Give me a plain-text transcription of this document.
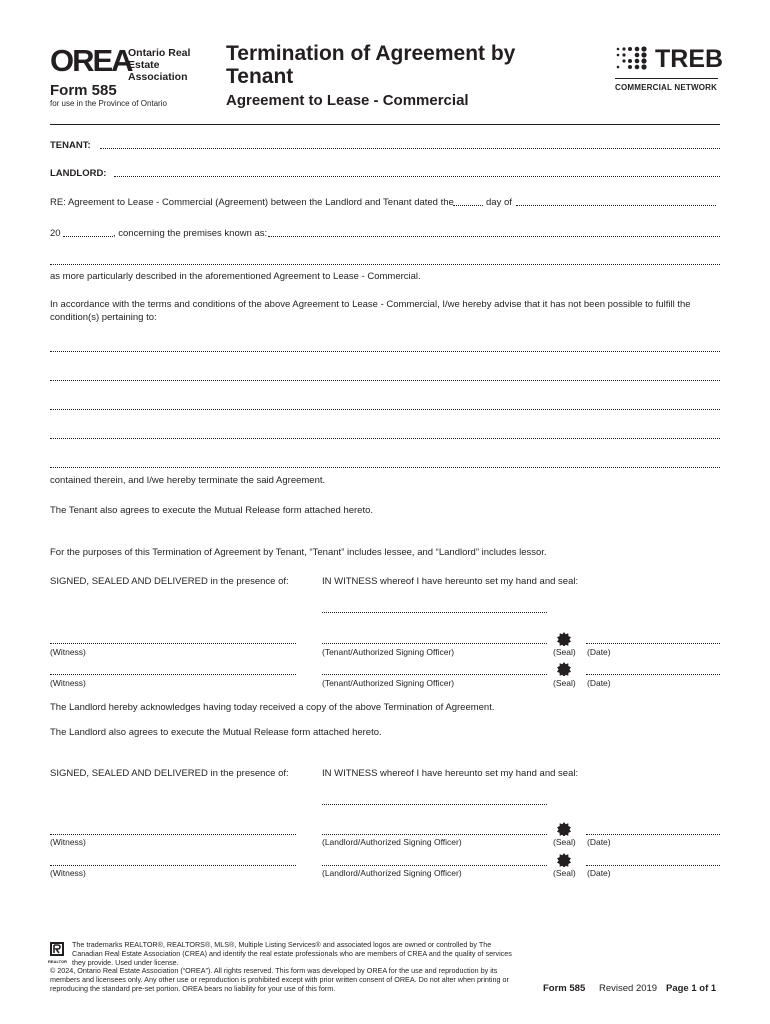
OREA
Ontario Real Estate Association
Form 585
for use in the Province of Ontario
Termination of Agreement by Tenant
Agreement to Lease - Commercial
TREB
COMMERCIAL NETWORK
TENANT:
LANDLORD:
RE: Agreement to Lease - Commercial (Agreement) between the Landlord and Tenant dated the	day of
20	, concerning the premises known as:
as more particularly described in the aforementioned Agreement to Lease - Commercial.
In accordance with the terms and conditions of the above Agreement to Lease - Commercial, I/we hereby advise that it has not been possible to fulfill the condition(s) pertaining to:
contained therein, and I/we hereby terminate the said Agreement.
The Tenant also agrees to execute the Mutual Release form attached hereto.
For the purposes of this Termination of Agreement by Tenant, “Tenant” includes lessee, and “Landlord” includes lessor.
SIGNED, SEALED AND DELIVERED in the presence of:	IN WITNESS whereof I have hereunto set my hand and seal:
(Witness)	(Tenant/Authorized Signing Officer)	(Seal) (Date)
(Witness)	(Tenant/Authorized Signing Officer)	(Seal) (Date)
The Landlord hereby acknowledges having today received a copy of the above Termination of Agreement.
The Landlord also agrees to execute the Mutual Release form attached hereto.
SIGNED, SEALED AND DELIVERED in the presence of:	IN WITNESS whereof I have hereunto set my hand and seal:
(Witness)	(Landlord/Authorized Signing Officer)	(Seal) (Date)
(Witness)	(Landlord/Authorized Signing Officer)	(Seal) (Date)
REALTOR
The trademarks REALTOR®, REALTORS®, MLS®, Multiple Listing Services® and associated logos are owned or controlled by The Canadian Real Estate Association (CREA) and identify the real estate professionals who are members of CREA and the quality of services they provide. Used under license.
© 2024, Ontario Real Estate Association (“OREA”). All rights reserved. This form was developed by OREA for the use and reproduction by its members and licensees only. Any other use or reproduction is prohibited except with prior written consent of OREA. Do not alter when printing or reproducing the standard pre-set portion. OREA bears no liability for your use of this form.	Form 585 Revised 2019 Page 1 of 1
